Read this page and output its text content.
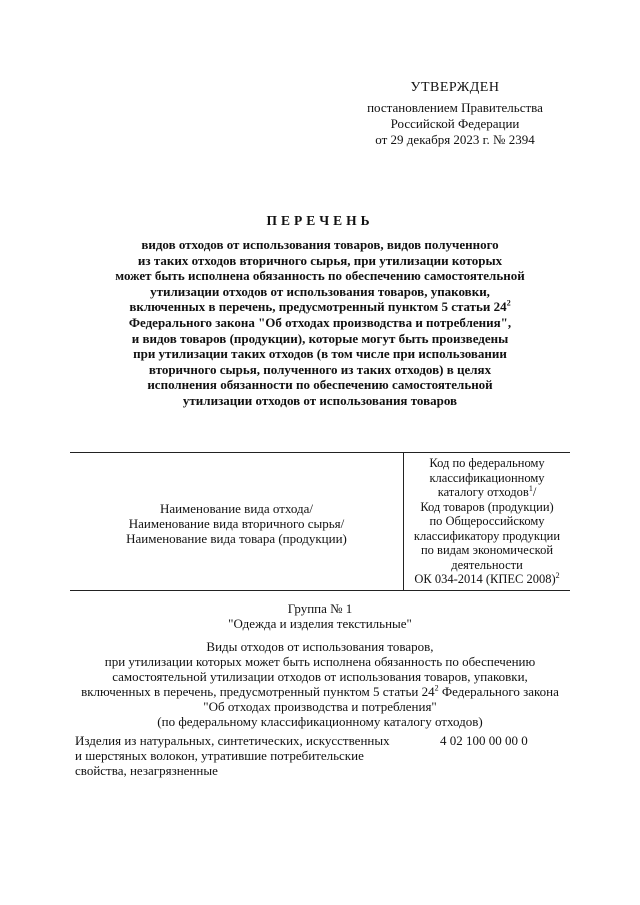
УТВЕРЖДЕН
постановлением Правительства
Российской Федерации
от 29 декабря 2023 г. № 2394
ПЕРЕЧЕНЬ
видов отходов от использования товаров, видов полученного
из таких отходов вторичного сырья, при утилизации которых
может быть исполнена обязанность по обеспечению самостоятельной
утилизации отходов от использования товаров, упаковки,
включенных в перечень, предусмотренный пунктом 5 статьи $24^2$
Федерального закона "Об отходах производства и потребления",
и видов товаров (продукции), которые могут быть произведены
при утилизации таких отходов (в том числе при использовании
вторичного сырья, полученного из таких отходов) в целях
исполнения обязанности по обеспечению самостоятельной
утилизации отходов от использования товаров
Наименование вида отхода/
Наименование вида вторичного сырья/
Наименование вида товара (продукции)
Код по федеральному
классификационному
каталогу отходов$^1$/
Код товаров (продукции)
по Общероссийскому
классификатору продукции
по видам экономической
деятельности
ОК 034-2014 (КПЕС 2008)$^2$
Группа № 1
"Одежда и изделия текстильные"
Виды отходов от использования товаров,
при утилизации которых может быть исполнена обязанность по обеспечению
самостоятельной утилизации отходов от использования товаров, упаковки,
включенных в перечень, предусмотренный пунктом 5 статьи $24^2$ Федерального закона
"Об отходах производства и потребления"
(по федеральному классификационному каталогу отходов)
Изделия из натуральных, синтетических, искусственных
и шерстяных волокон, утратившие потребительские
свойства, незагрязненные
4 02 100 00 00 0
